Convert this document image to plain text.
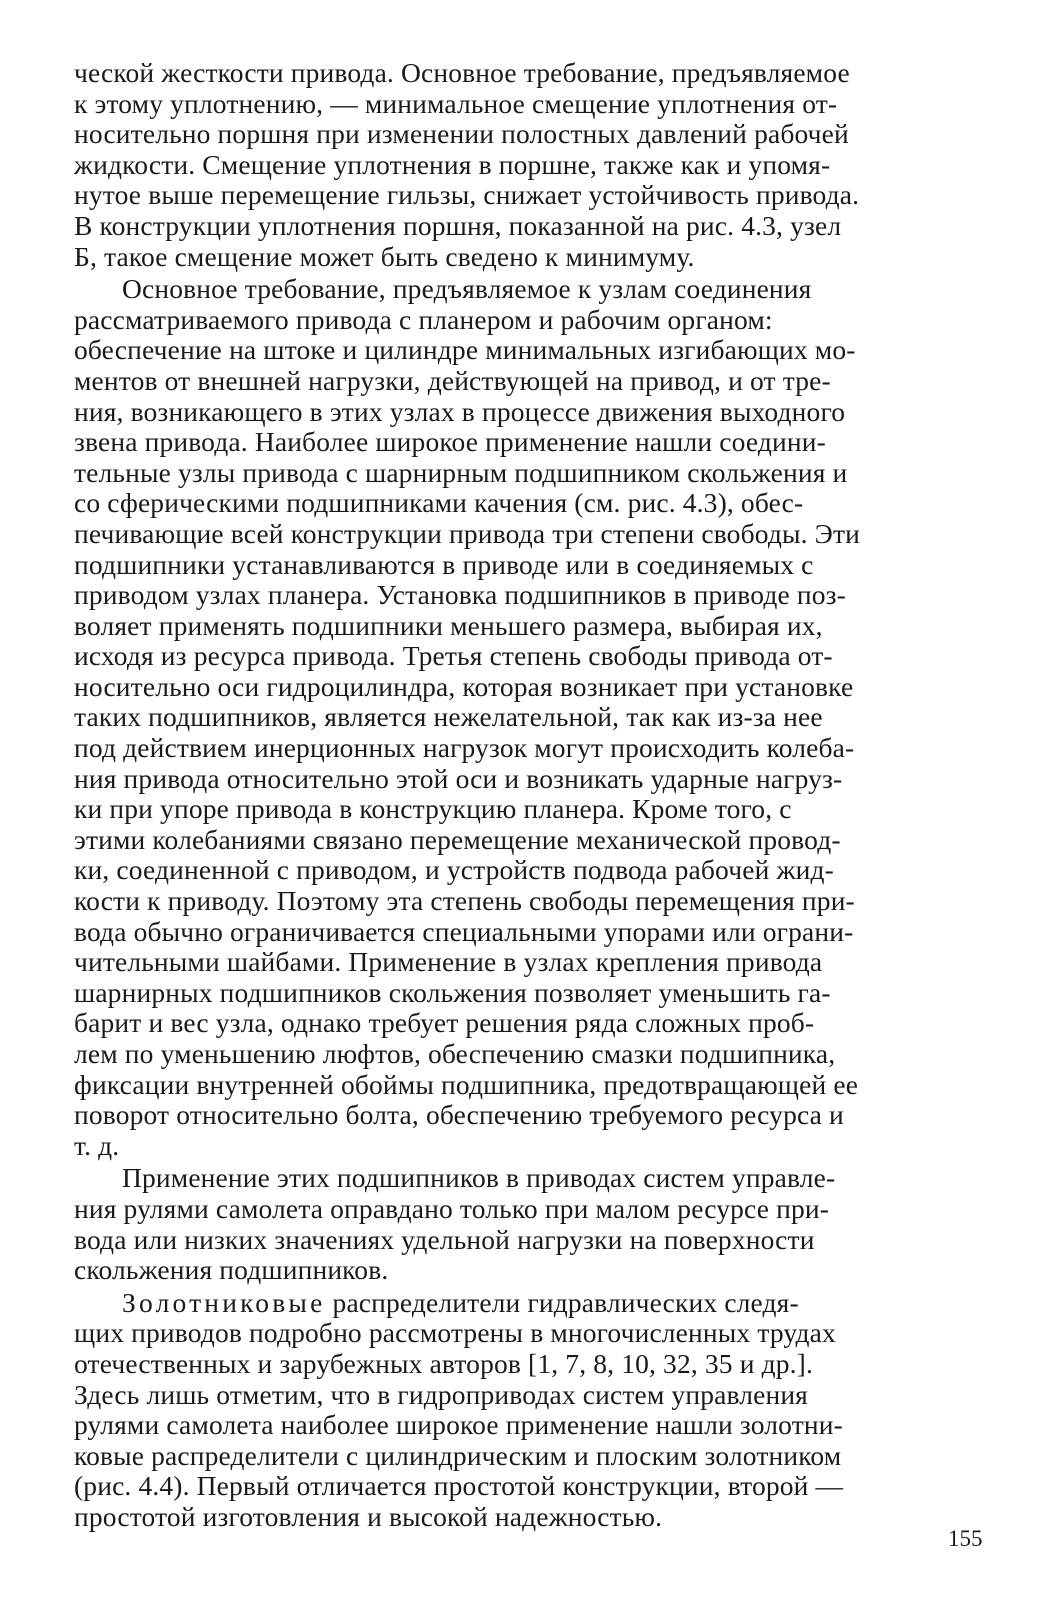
ческой жесткости привода. Основное требование, предъявляемое
к этому уплотнению, — минимальное смещение уплотнения от-
носительно поршня при изменении полостных давлений рабочей
жидкости. Смещение уплотнения в поршне, также как и упомя-
нутое выше перемещение гильзы, снижает устойчивость привода.
В конструкции уплотнения поршня, показанной на рис. 4.3, узел
Б, такое смещение может быть сведено к минимуму.
Основное требование, предъявляемое к узлам соединения
рассматриваемого привода с планером и рабочим органом:
обеспечение на штоке и цилиндре минимальных изгибающих мо-
ментов от внешней нагрузки, действующей на привод, и от тре-
ния, возникающего в этих узлах в процессе движения выходного
звена привода. Наиболее широкое применение нашли соедини-
тельные узлы привода с шарнирным подшипником скольжения и
со сферическими подшипниками качения (см. рис. 4.3), обес-
печивающие всей конструкции привода три степени свободы. Эти
подшипники устанавливаются в приводе или в соединяемых с
приводом узлах планера. Установка подшипников в приводе поз-
воляет применять подшипники меньшего размера, выбирая их,
исходя из ресурса привода. Третья степень свободы привода от-
носительно оси гидроцилиндра, которая возникает при установке
таких подшипников, является нежелательной, так как из-за нее
под действием инерционных нагрузок могут происходить колеба-
ния привода относительно этой оси и возникать ударные нагруз-
ки при упоре привода в конструкцию планера. Кроме того, с
этими колебаниями связано перемещение механической провод-
ки, соединенной с приводом, и устройств подвода рабочей жид-
кости к приводу. Поэтому эта степень свободы перемещения при-
вода обычно ограничивается специальными упорами или ограни-
чительными шайбами. Применение в узлах крепления привода
шарнирных подшипников скольжения позволяет уменьшить га-
барит и вес узла, однако требует решения ряда сложных проб-
лем по уменьшению люфтов, обеспечению смазки подшипника,
фиксации внутренней обоймы подшипника, предотвращающей ее
поворот относительно болта, обеспечению требуемого ресурса и
т. д.
Применение этих подшипников в приводах систем управле-
ния рулями самолета оправдано только при малом ресурсе при-
вода или низких значениях удельной нагрузки на поверхности
скольжения подшипников.
Золотниковые распределители гидравлических следя-
щих приводов подробно рассмотрены в многочисленных трудах
отечественных и зарубежных авторов [1, 7, 8, 10, 32, 35 и др.].
Здесь лишь отметим, что в гидроприводах систем управления
рулями самолета наиболее широкое применение нашли золотни-
ковые распределители с цилиндрическим и плоским золотником
(рис. 4.4). Первый отличается простотой конструкции, второй —
простотой изготовления и высокой надежностью.
155
